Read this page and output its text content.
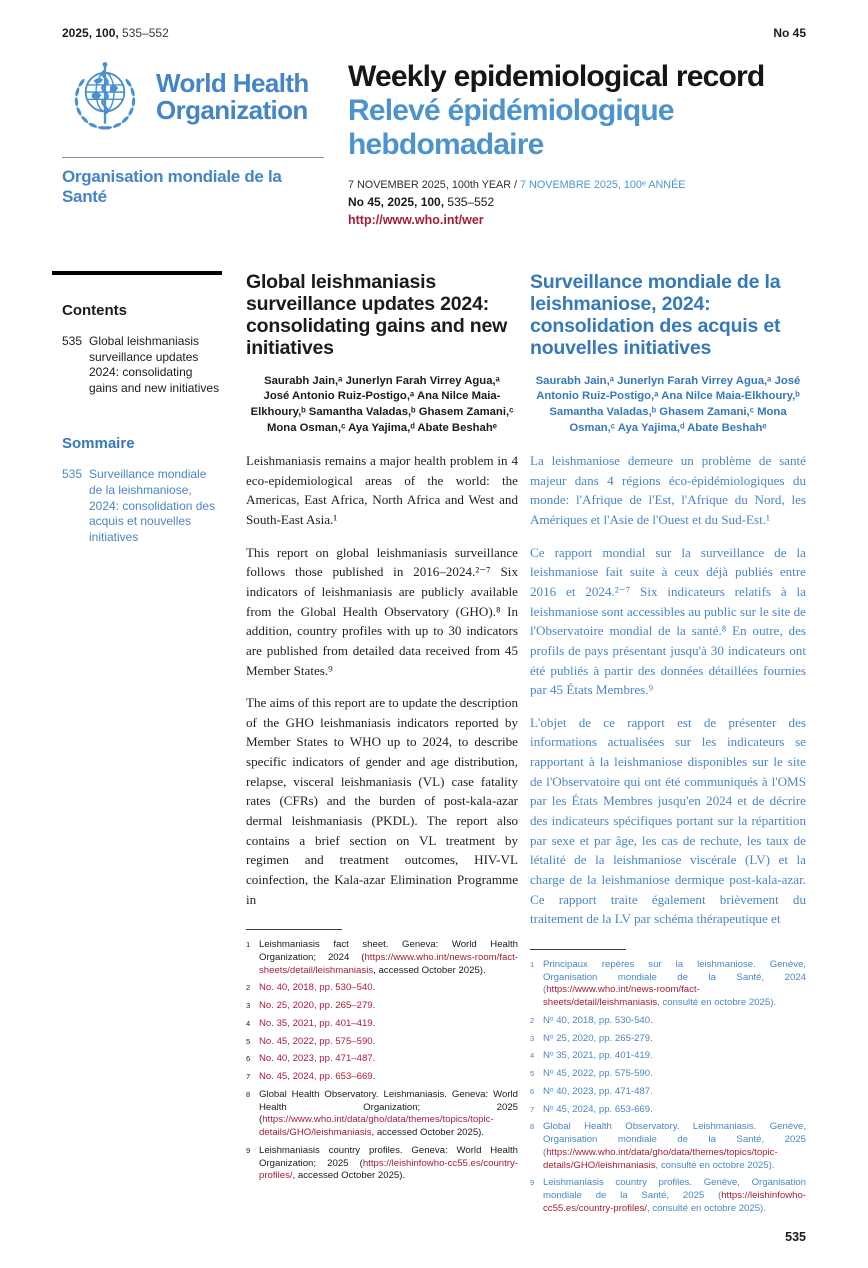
2025, 100, 535–552	No 45
World Health
Organization
Organisation mondiale de la Santé
Weekly epidemiological record
Relevé épidémiologique hebdomadaire
7 NOVEMBER 2025, 100th YEAR / 7 NOVEMBRE 2025, 100ᵉ ANNÉE
No 45, 2025, 100, 535–552
http://www.who.int/wer
Contents
535 Global leishmaniasis surveillance updates 2024: consolidating gains and new initiatives
Sommaire
535 Surveillance mondiale de la leishmaniose, 2024: consolidation des acquis et nouvelles initiatives
Global leishmaniasis surveillance updates 2024: consolidating gains and new initiatives
Saurabh Jain,ᵃ Junerlyn Farah Virrey Agua,ᵃ José Antonio Ruiz-Postigo,ᵃ Ana Nilce Maia-Elkhoury,ᵇ Samantha Valadas,ᵇ Ghasem Zamani,ᶜ Mona Osman,ᶜ Aya Yajima,ᵈ Abate Beshahᵉ

Leishmaniasis remains a major health problem in 4 eco-epidemiological areas of the world: the Americas, East Africa, North Africa and West and South-East Asia.¹

This report on global leishmaniasis surveillance follows those published in 2016–2024.²⁻⁷ Six indicators of leishmaniasis are publicly available from the Global Health Observatory (GHO).⁸ In addition, country profiles with up to 30 indicators are published from detailed data received from 45 Member States.⁹

The aims of this report are to update the description of the GHO leishmaniasis indicators reported by Member States to WHO up to 2024, to describe specific indicators of gender and age distribution, relapse, visceral leishmaniasis (VL) case fatality rates (CFRs) and the burden of post-kala-azar dermal leishmaniasis (PKDL). The report also contains a brief section on VL treatment by regimen and treatment outcomes, HIV-VL coinfection, the Kala-azar Elimination Programme in

1 Leishmaniasis fact sheet. Geneva: World Health Organization; 2024 (https://www.who.int/news-room/fact-sheets/detail/leishmaniasis, accessed October 2025).
2 No. 40, 2018, pp. 530–540.
3 No. 25, 2020, pp. 265–279.
4 No. 35, 2021, pp. 401–419.
5 No. 45, 2022, pp. 575–590.
6 No. 40, 2023, pp. 471–487.
7 No. 45, 2024, pp. 653–669.
8 Global Health Observatory. Leishmaniasis. Geneva: World Health Organization; 2025 (https://www.who.int/data/gho/data/themes/topics/topic-details/GHO/leishmaniasis, accessed October 2025).
9 Leishmaniasis country profiles. Geneva: World Health Organization; 2025 (https://leishinfowho-cc55.es/country-profiles/, accessed October 2025).
Surveillance mondiale de la leishmaniose, 2024: consolidation des acquis et nouvelles initiatives
Saurabh Jain,ᵃ Junerlyn Farah Virrey Agua,ᵃ José Antonio Ruiz-Postigo,ᵃ Ana Nilce Maia-Elkhoury,ᵇ Samantha Valadas,ᵇ Ghasem Zamani,ᶜ Mona Osman,ᶜ Aya Yajima,ᵈ Abate Beshahᵉ

La leishmaniose demeure un problème de santé majeur dans 4 régions éco-épidémiologiques du monde: l'Afrique de l'Est, l'Afrique du Nord, les Amériques et l'Asie de l'Ouest et du Sud-Est.¹

Ce rapport mondial sur la surveillance de la leishmaniose fait suite à ceux déjà publiés entre 2016 et 2024.²⁻⁷ Six indicateurs relatifs à la leishmaniose sont accessibles au public sur le site de l'Observatoire mondial de la santé.⁸ En outre, des profils de pays présentant jusqu'à 30 indicateurs ont été publiés à partir des données détaillées fournies par 45 États Membres.⁹

L'objet de ce rapport est de présenter des informations actualisées sur les indicateurs se rapportant à la leishmaniose disponibles sur le site de l'Observatoire qui ont été communiqués à l'OMS par les États Membres jusqu'en 2024 et de décrire des indicateurs spécifiques portant sur la répartition par sexe et par âge, les cas de rechute, les taux de létalité de la leishmaniose viscérale (LV) et la charge de la leishmaniose dermique post-kala-azar. Ce rapport traite également brièvement du traitement de la LV par schéma thérapeutique et

1 Principaux repères sur la leishmaniose. Genève, Organisation mondiale de la Santé, 2024 (https://www.who.int/news-room/fact-sheets/detail/leishmaniasis, consulté en octobre 2025).
2 Nᵒ 40, 2018, pp. 530-540.
3 Nᵒ 25, 2020, pp. 265-279.
4 Nᵒ 35, 2021, pp. 401-419.
5 Nᵒ 45, 2022, pp. 575-590.
6 Nᵒ 40, 2023, pp. 471-487.
7 Nᵒ 45, 2024, pp. 653-669.
8 Global Health Observatory. Leishmaniasis. Genève, Organisation mondiale de la Santé, 2025 (https://www.who.int/data/gho/data/themes/topics/topic-details/GHO/leishmaniasis, consulté en octobre 2025).
9 Leishmaniasis country profiles. Genève, Organisation mondiale de la Santé, 2025 (https://leishinfowho-cc55.es/country-profiles/, consulté en octobre 2025).
535
